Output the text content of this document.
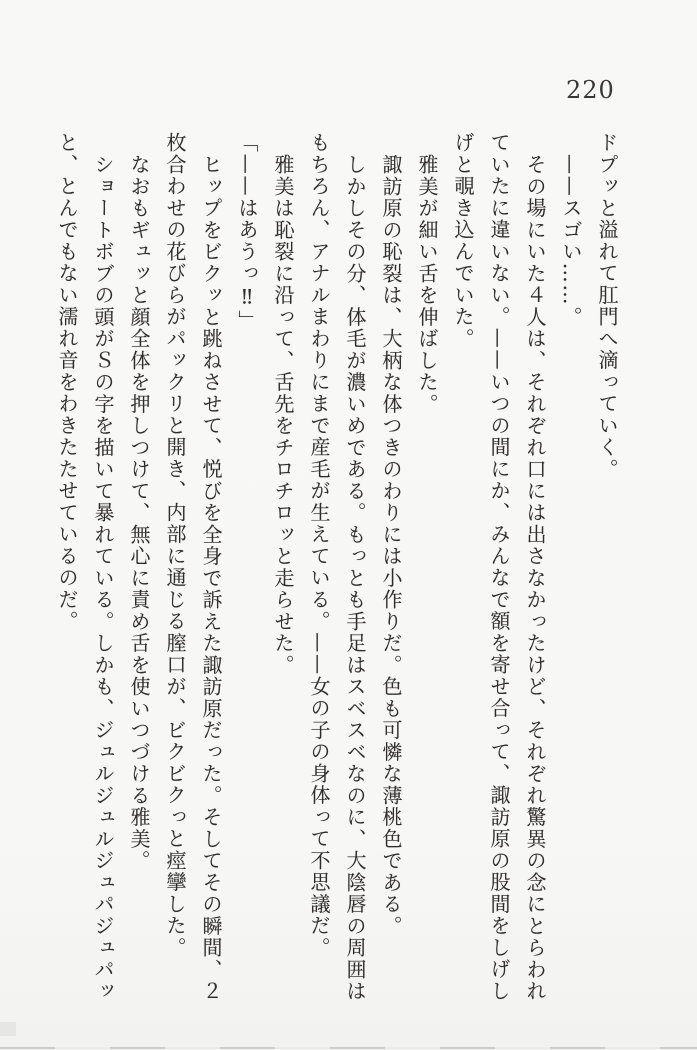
220
ドプッと溢れて肛門へ滴っていく。
——スゴい……。
その場にいた４人は、それぞれ口には出さなかったけど、それぞれ驚異の念にとらわれ
ていたに違いない。——いつの間にか、みんなで額を寄せ合って、諏訪原の股間をしげし
げと覗き込んでいた。
雅美が細い舌を伸ばした。
諏訪原の恥裂は、大柄な体つきのわりには小作りだ。色も可憐な薄桃色である。
しかしその分、体毛が濃いめである。もっとも手足はスベスベなのに、大陰唇の周囲は
もちろん、アナルまわりにまで産毛が生えている。——女の子の身体って不思議だ。
雅美は恥裂に沿って、舌先をチロチロッと走らせた。
「——はあうっ‼」
ヒップをビクッと跳ねさせて、悦びを全身で訴えた諏訪原だった。そしてその瞬間、２
枚合わせの花びらがパックリと開き、内部に通じる膣口が、ビクビクっと痙攣した。
なおもギュッと顔全体を押しつけて、無心に責め舌を使いつづける雅美。
ショートボブの頭がＳの字を描いて暴れている。しかも、ジュルジュルジュパジュパッ
と、とんでもない濡れ音をわきたたせているのだ。
